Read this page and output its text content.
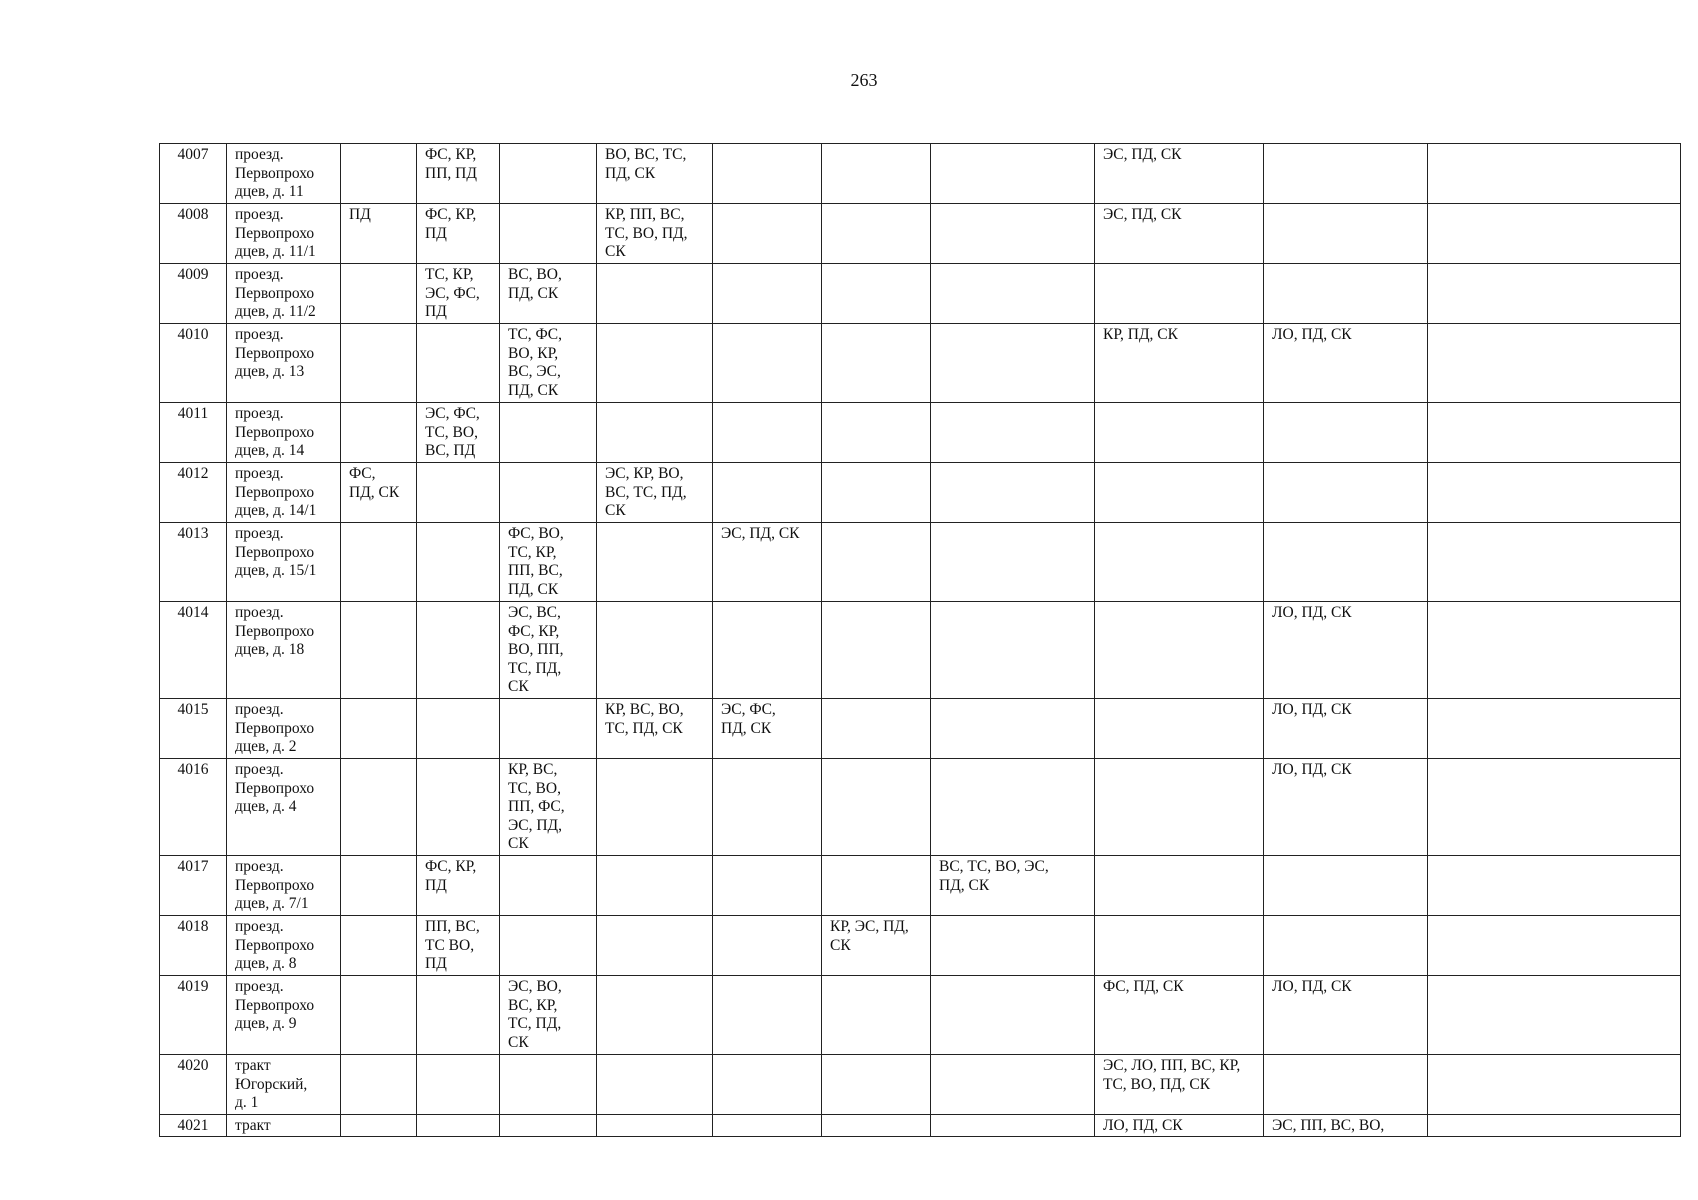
263
4007	проезд.
Первопрохо
дцев, д. 11		ФС, КР,
ПП, ПД		ВО, ВС, ТС,
ПД, СК				ЭС, ПД, СК		
4008	проезд.
Первопрохо
дцев, д. 11/1	ПД	ФС, КР,
ПД		КР, ПП, ВС,
ТС, ВО, ПД,
СК				ЭС, ПД, СК		
4009	проезд.
Первопрохо
дцев, д. 11/2		ТС, КР,
ЭС, ФС,
ПД	ВС, ВО,
ПД, СК							
4010	проезд.
Первопрохо
дцев, д. 13			ТС, ФС,
ВО, КР,
ВС, ЭС,
ПД, СК					КР, ПД, СК	ЛО, ПД, СК	
4011	проезд.
Первопрохо
дцев, д. 14		ЭС, ФС,
ТС, ВО,
ВС, ПД								
4012	проезд.
Первопрохо
дцев, д. 14/1	ФС,
ПД, СК			ЭС, КР, ВО,
ВС, ТС, ПД,
СК						
4013	проезд.
Первопрохо
дцев, д. 15/1			ФС, ВО,
ТС, КР,
ПП, ВС,
ПД, СК		ЭС, ПД, СК					
4014	проезд.
Первопрохо
дцев, д. 18			ЭС, ВС,
ФС, КР,
ВО, ПП,
ТС, ПД,
СК						ЛО, ПД, СК	
4015	проезд.
Первопрохо
дцев, д. 2				КР, ВС, ВО,
ТС, ПД, СК	ЭС, ФС,
ПД, СК				ЛО, ПД, СК	
4016	проезд.
Первопрохо
дцев, д. 4			КР, ВС,
ТС, ВО,
ПП, ФС,
ЭС, ПД,
СК						ЛО, ПД, СК	
4017	проезд.
Первопрохо
дцев, д. 7/1		ФС, КР,
ПД					ВС, ТС, ВО, ЭС,
ПД, СК			
4018	проезд.
Первопрохо
дцев, д. 8		ПП, ВС,
ТС ВО,
ПД				КР, ЭС, ПД,
СК				
4019	проезд.
Первопрохо
дцев, д. 9			ЭС, ВО,
ВС, КР,
ТС, ПД,
СК					ФС, ПД, СК	ЛО, ПД, СК	
4020	тракт
Югорский,
д. 1								ЭС, ЛО, ПП, ВС, КР,
ТС, ВО, ПД, СК		
4021	тракт								ЛО, ПД, СК	ЭС, ПП, ВС, ВО,	
